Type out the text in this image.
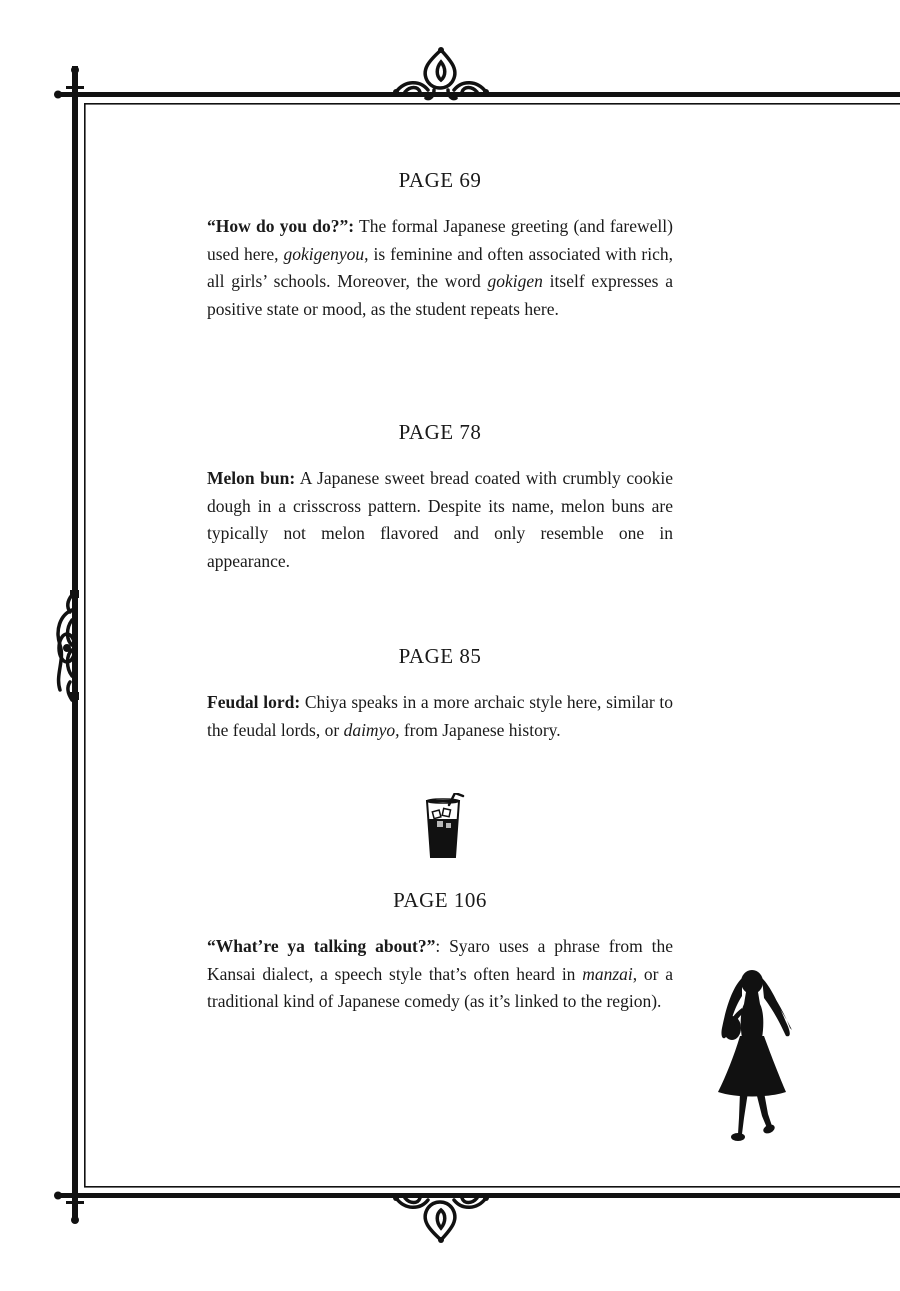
PAGE 69

“How do you do?”: The formal Japanese greeting (and farewell) used here, gokigenyou, is feminine and often associated with rich, all girls’ schools. Moreover, the word gokigen itself expresses a positive state or mood, as the student repeats here.

PAGE 78

Melon bun: A Japanese sweet bread coated with crumbly cookie dough in a crisscross pattern. Despite its name, melon buns are typically not melon flavored and only resemble one in appearance.

PAGE 85

Feudal lord: Chiya speaks in a more archaic style here, similar to the feudal lords, or daimyo, from Japanese history.

PAGE 106

“What’re ya talking about?”: Syaro uses a phrase from the Kansai dialect, a speech style that’s often heard in manzai, or a traditional kind of Japanese comedy (as it’s linked to the region).
